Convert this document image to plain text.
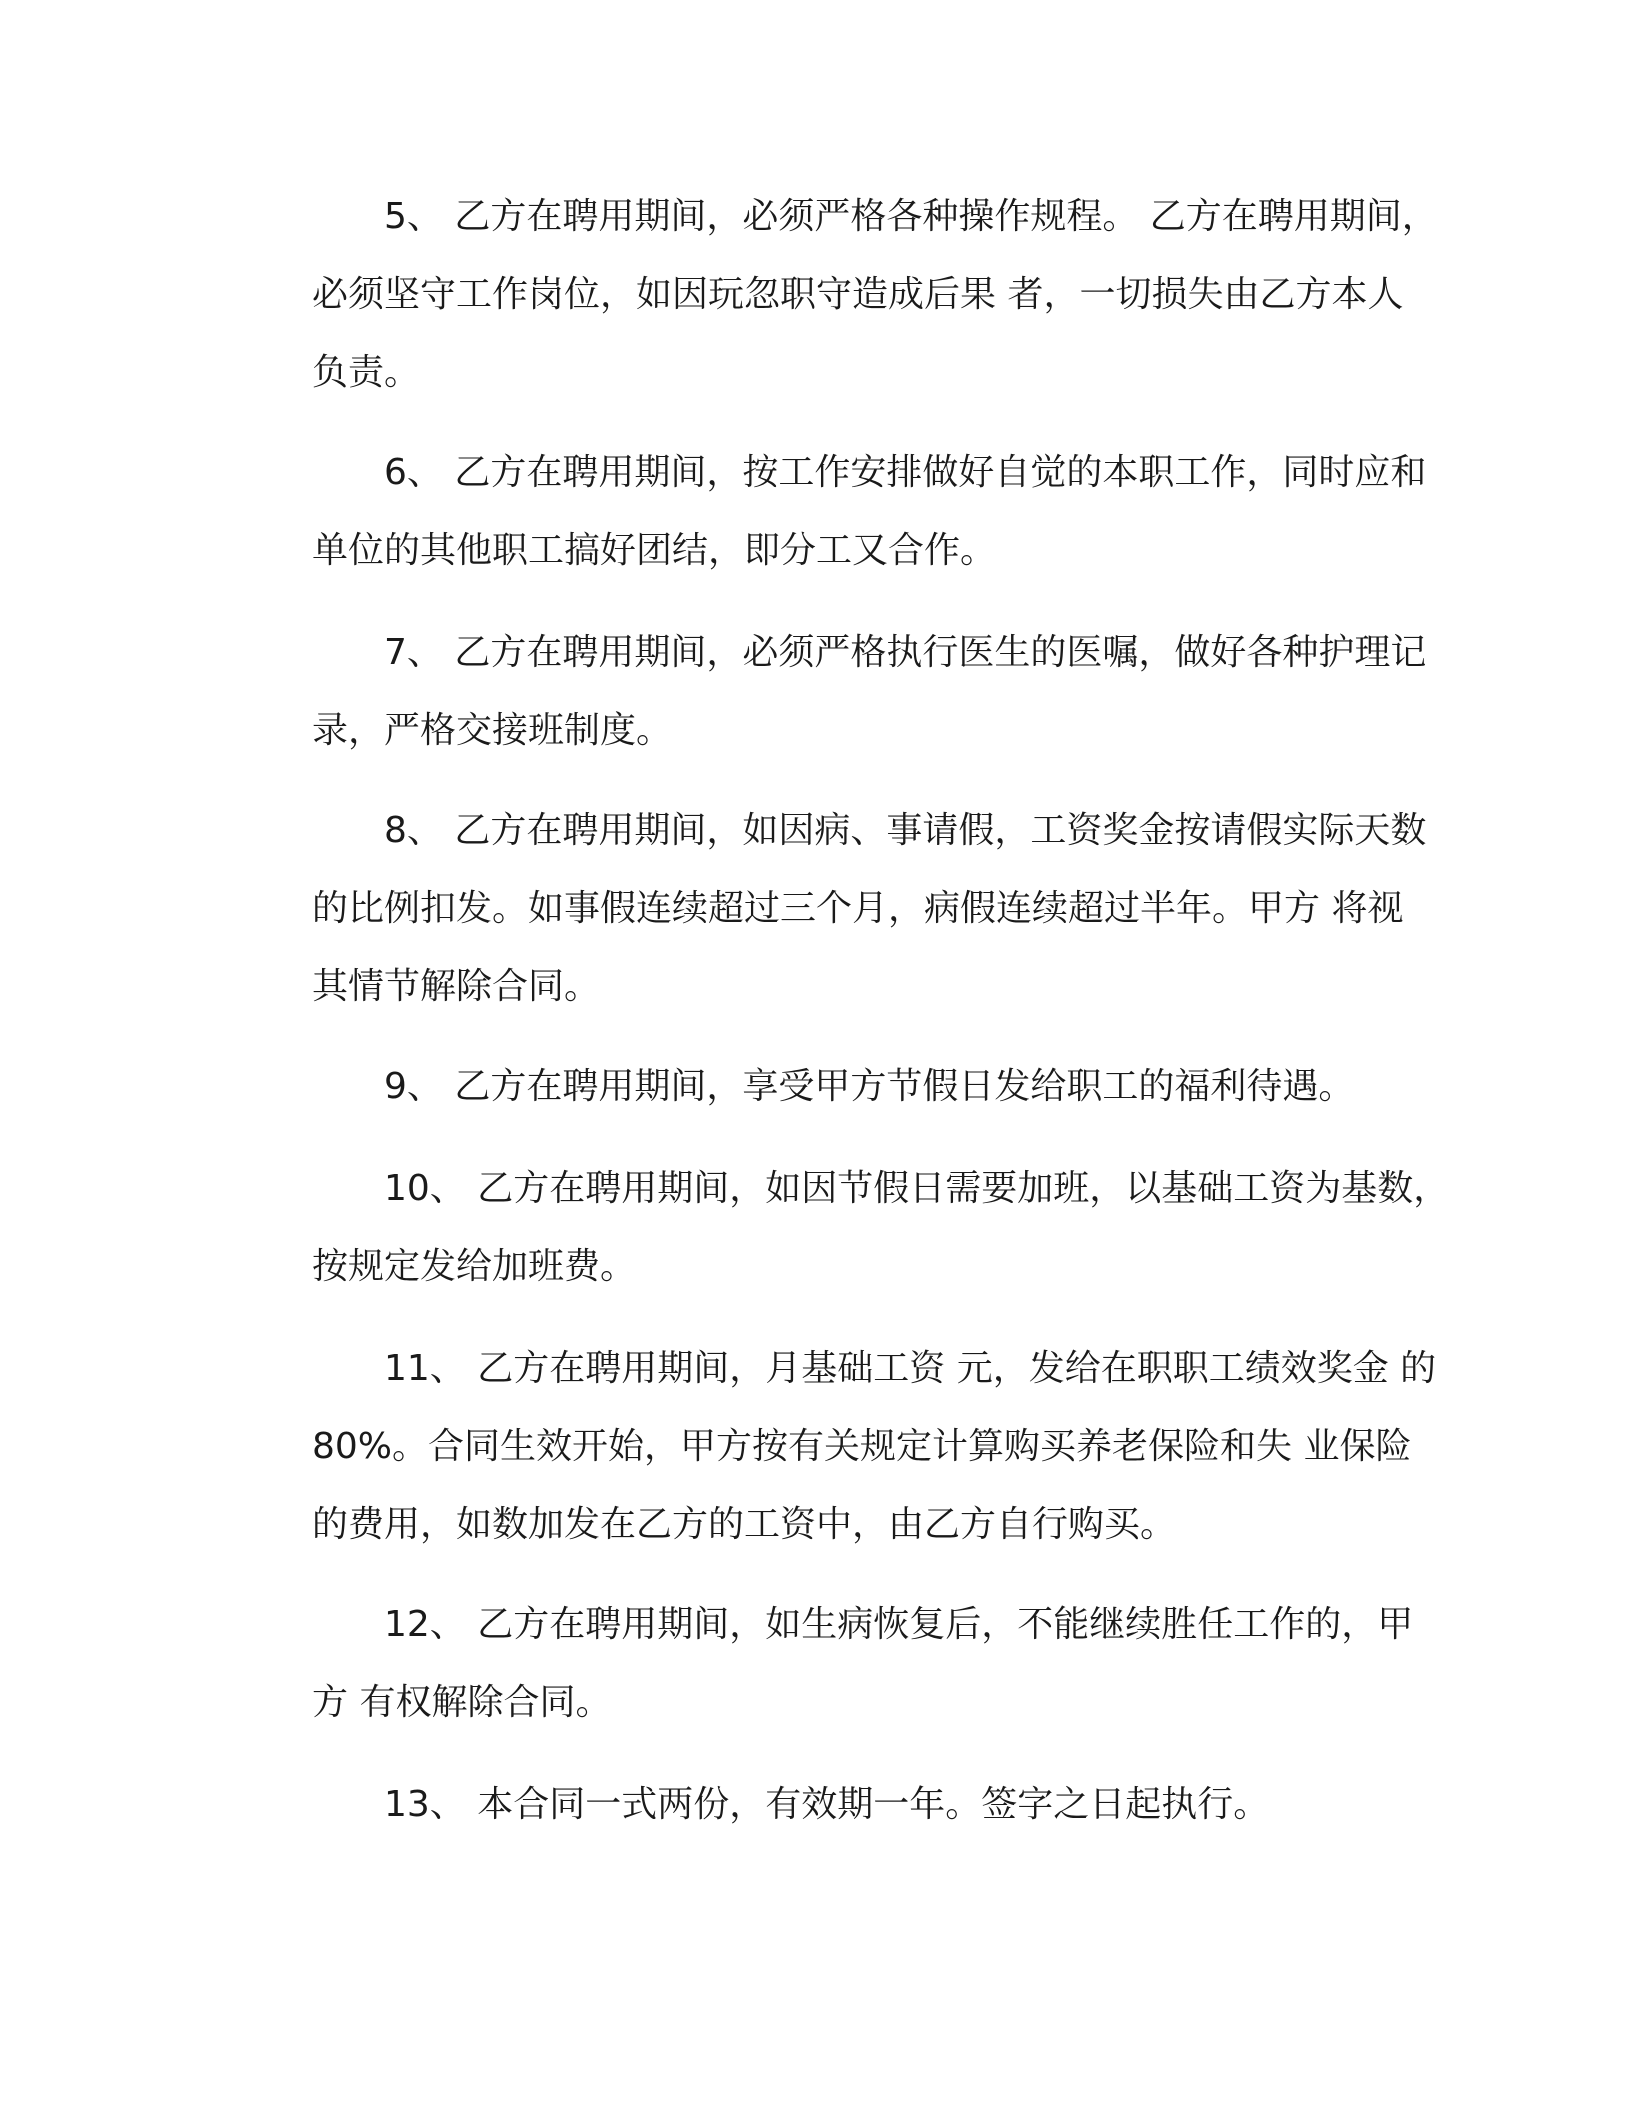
5、 乙方在聘用期间，必须严格各种操作规程。 乙方在聘用期间，
必须坚守工作岗位，如因玩忽职守造成后果 者，一切损失由乙方本人
负责。
6、 乙方在聘用期间，按工作安排做好自觉的本职工作，同时应和
单位的其他职工搞好团结，即分工又合作。
7、 乙方在聘用期间，必须严格执行医生的医嘱，做好各种护理记
录，严格交接班制度。
8、 乙方在聘用期间，如因病、事请假，工资奖金按请假实际天数
的比例扣发。如事假连续超过三个月，病假连续超过半年。甲方 将视
其情节解除合同。
9、 乙方在聘用期间，享受甲方节假日发给职工的福利待遇。
10、 乙方在聘用期间，如因节假日需要加班，以基础工资为基数，
按规定发给加班费。
11、 乙方在聘用期间，月基础工资 元，发给在职职工绩效奖金 的
80%。合同生效开始，甲方按有关规定计算购买养老保险和失 业保险
的费用，如数加发在乙方的工资中，由乙方自行购买。
12、 乙方在聘用期间，如生病恢复后，不能继续胜任工作的，甲
方 有权解除合同。
13、 本合同一式两份，有效期一年。签字之日起执行。
